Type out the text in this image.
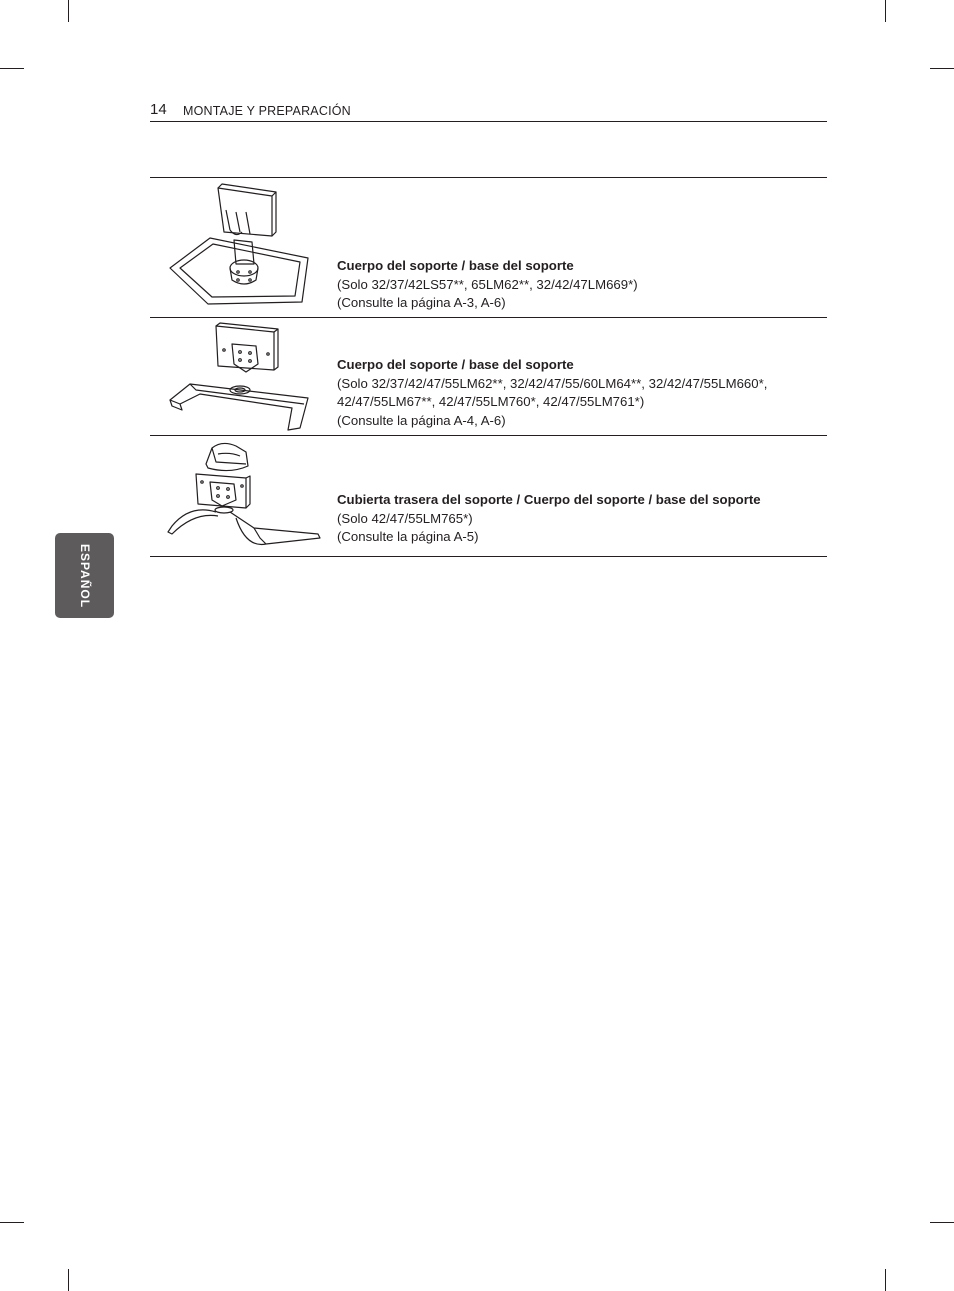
14 MONTAJE Y PREPARACIÓN
ESPAÑOL
Cuerpo del soporte / base del soporte
(Solo 32/37/42LS57**, 65LM62**, 32/42/47LM669*)
(Consulte la página A-3, A-6)
Cuerpo del soporte / base del soporte
(Solo 32/37/42/47/55LM62**, 32/42/47/55/60LM64**, 32/42/47/55LM660*,
42/47/55LM67**, 42/47/55LM760*, 42/47/55LM761*)
(Consulte la página A-4, A-6)
Cubierta trasera del soporte / Cuerpo del soporte / base del soporte
(Solo 42/47/55LM765*)
(Consulte la página A-5)
